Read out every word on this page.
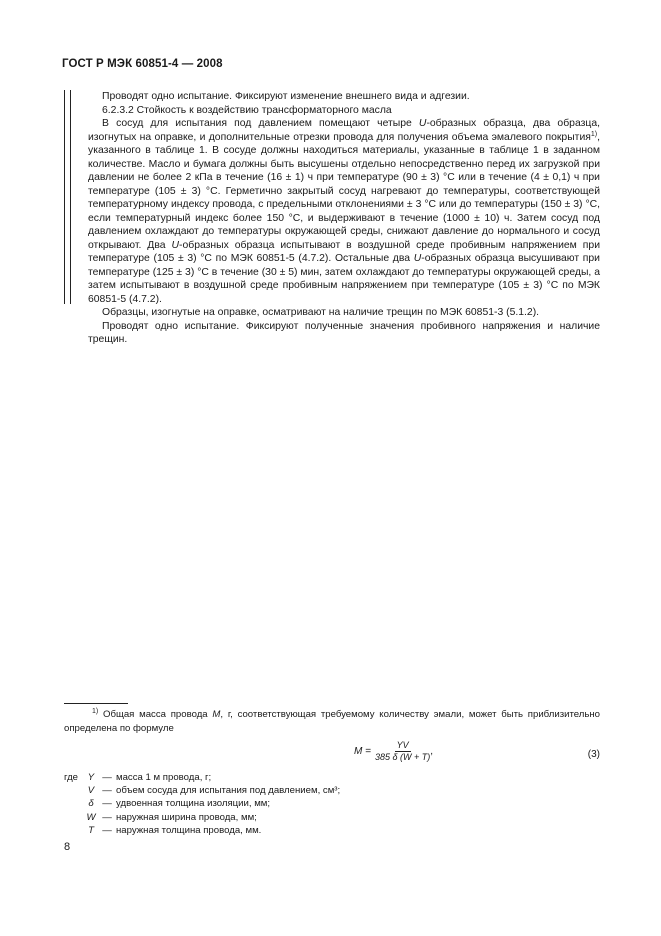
ГОСТ Р МЭК 60851-4 — 2008

Проводят одно испытание. Фиксируют изменение внешнего вида и адгезии.

6.2.3.2 Стойкость к воздействию трансформаторного масла

В сосуд для испытания под давлением помещают четыре U-образных образца, два образца, изогнутых на оправке, и дополнительные отрезки провода для получения объема эмалевого покрытия$^{1)}$, указанного в таблице 1. В сосуде должны находиться материалы, указанные в таблице 1 в заданном количестве. Масло и бумага должны быть высушены отдельно непосредственно перед их загрузкой при давлении не более 2 кПа в течение (16 ± 1) ч при температуре (90 ± 3) °С или в течение (4 ± 0,1) ч при температуре (105 ± 3) °С. Герметично закрытый сосуд нагревают до температуры, соответствующей температурному индексу провода, с предельными отклонениями ± 3 °С или до температуры (150 ± 3) °С, если температурный индекс более 150 °С, и выдерживают в течение (1000 ± 10) ч. Затем сосуд под давлением охлаждают до температуры окружающей среды, снижают давление до нормального и сосуд открывают. Два U-образных образца испытывают в воздушной среде пробивным напряжением при температуре (105 ± 3) °С по МЭК 60851-5 (4.7.2). Остальные два U-образных образца высушивают при температуре (125 ± 3) °С в течение (30 ± 5) мин, затем охлаждают до температуры окружающей среды, а затем испытывают в воздушной среде пробивным напряжением при температуре (105 ± 3) °С по МЭК 60851-5 (4.7.2).

Образцы, изогнутые на оправке, осматривают на наличие трещин по МЭК 60851-3 (5.1.2).

Проводят одно испытание. Фиксируют полученные значения пробивного напряжения и наличие трещин.

$^{1)}$ Общая масса провода M, г, соответствующая требуемому количеству эмали, может быть приблизительно определена по формуле
$M = \frac{YV}{385 \delta (W + T)}$ ,	(3)
где	Y — масса 1 м провода, г;
V — объем сосуда для испытания под давлением, см³;
δ — удвоенная толщина изоляции, мм;
W — наружная ширина провода, мм;
T — наружная толщина провода, мм.
8
